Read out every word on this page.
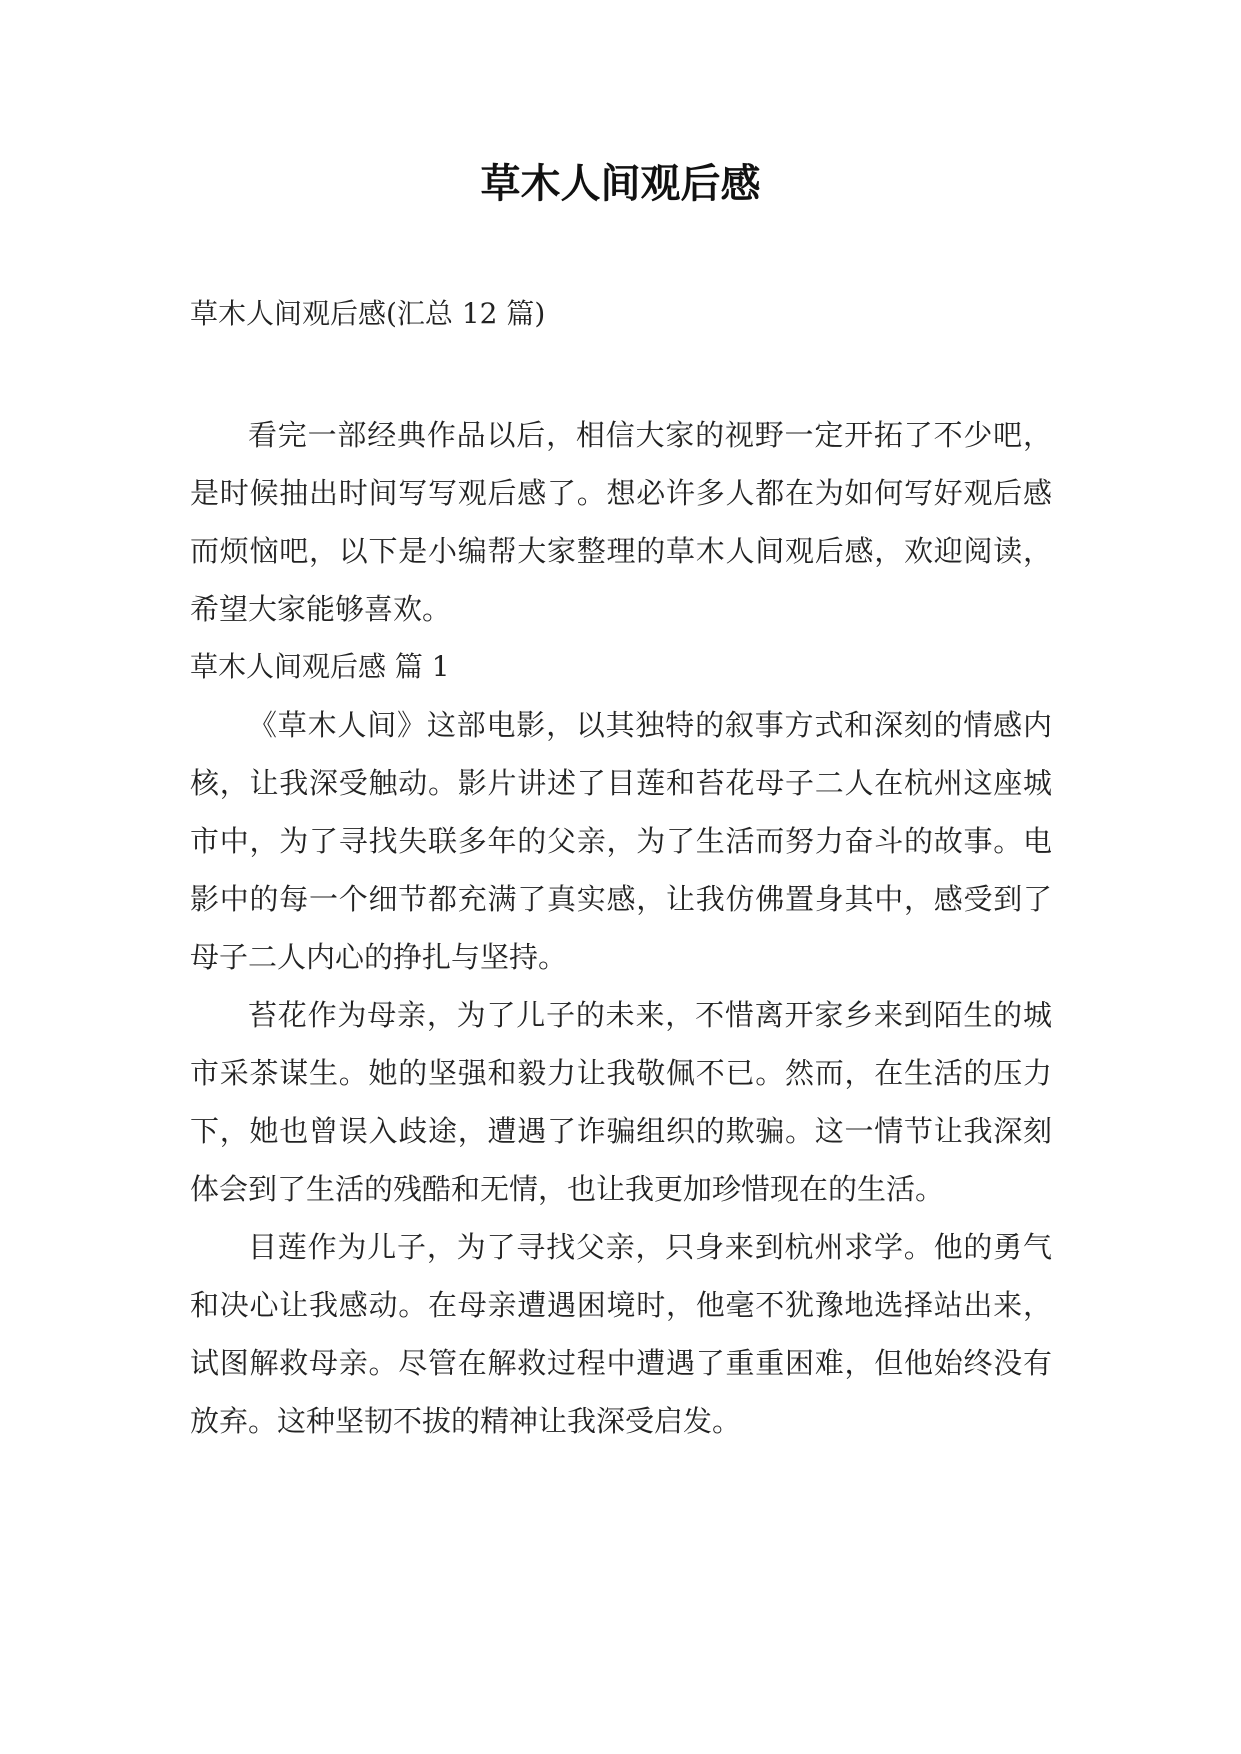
草木人间观后感
草木人间观后感(汇总 12 篇)

看完一部经典作品以后，相信大家的视野一定开拓了不少吧，是时候抽出时间写写观后感了。想必许多人都在为如何写好观后感而烦恼吧，以下是小编帮大家整理的草木人间观后感，欢迎阅读，希望大家能够喜欢。

草木人间观后感 篇 1

《草木人间》这部电影，以其独特的叙事方式和深刻的情感内核，让我深受触动。影片讲述了目莲和苔花母子二人在杭州这座城市中，为了寻找失联多年的父亲，为了生活而努力奋斗的故事。电影中的每一个细节都充满了真实感，让我仿佛置身其中，感受到了母子二人内心的挣扎与坚持。

苔花作为母亲，为了儿子的未来，不惜离开家乡来到陌生的城市采茶谋生。她的坚强和毅力让我敬佩不已。然而，在生活的压力下，她也曾误入歧途，遭遇了诈骗组织的欺骗。这一情节让我深刻体会到了生活的残酷和无情，也让我更加珍惜现在的生活。

目莲作为儿子，为了寻找父亲，只身来到杭州求学。他的勇气和决心让我感动。在母亲遭遇困境时，他毫不犹豫地选择站出来，试图解救母亲。尽管在解救过程中遭遇了重重困难，但他始终没有放弃。这种坚韧不拔的精神让我深受启发。
